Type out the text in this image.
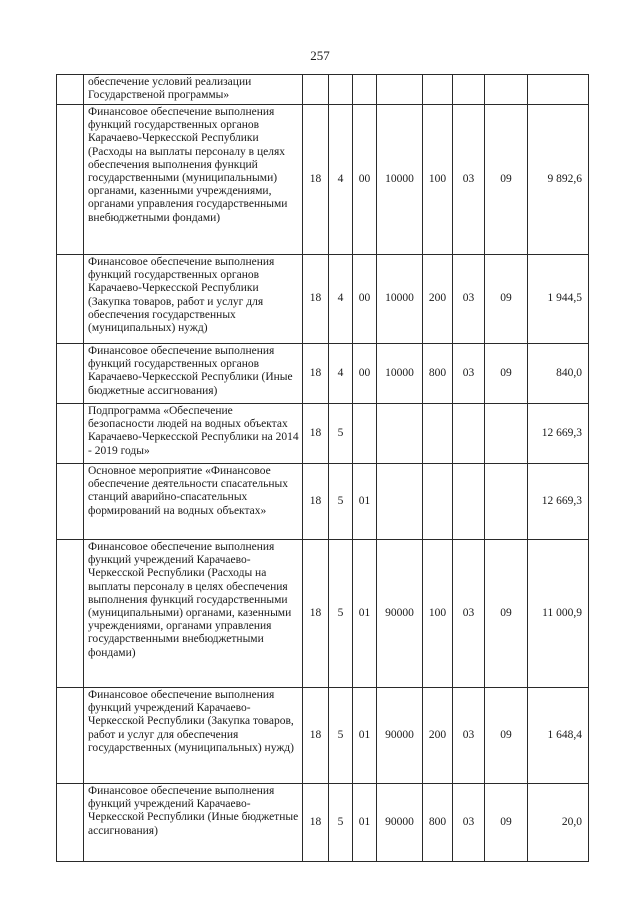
257
	обеспечение условий реализации Государственой программы»								
	Финансовое обеспечение выполнения функций государственных органов Карачаево-Черкесской Республики (Расходы на выплаты персоналу в целях обеспечения выполнения функций государственными (муниципальными) органами, казенными учреждениями, органами управления государственными внебюджетными фондами)	18	4	00	10000	100	03	09	9 892,6
	Финансовое обеспечение выполнения функций государственных органов Карачаево-Черкесской Республики (Закупка товаров, работ и услуг для обеспечения государственных (муниципальных) нужд)	18	4	00	10000	200	03	09	1 944,5
	Финансовое обеспечение выполнения функций государственных органов Карачаево-Черкесской Республики (Иные бюджетные ассигнования)	18	4	00	10000	800	03	09	840,0
	Подпрограмма «Обеспечение безопасности людей на водных объектах Карачаево-Черкесской Республики на 2014 - 2019 годы»	18	5						12 669,3
	Основное мероприятие «Финансовое обеспечение деятельности спасательных станций аварийно-спасательных формирований на водных объектах»	18	5	01					12 669,3
	Финансовое обеспечение выполнения функций учреждений Карачаево-Черкесской Республики (Расходы на выплаты персоналу в целях обеспечения выполнения функций государственными (муниципальными) органами, казенными учреждениями, органами управления государственными внебюджетными фондами)	18	5	01	90000	100	03	09	11 000,9
	Финансовое обеспечение выполнения функций учреждений Карачаево-Черкесской Республики (Закупка товаров, работ и услуг для обеспечения государственных (муниципальных) нужд)	18	5	01	90000	200	03	09	1 648,4
	Финансовое обеспечение выполнения функций учреждений Карачаево-Черкесской Республики (Иные бюджетные ассигнования)	18	5	01	90000	800	03	09	20,0
